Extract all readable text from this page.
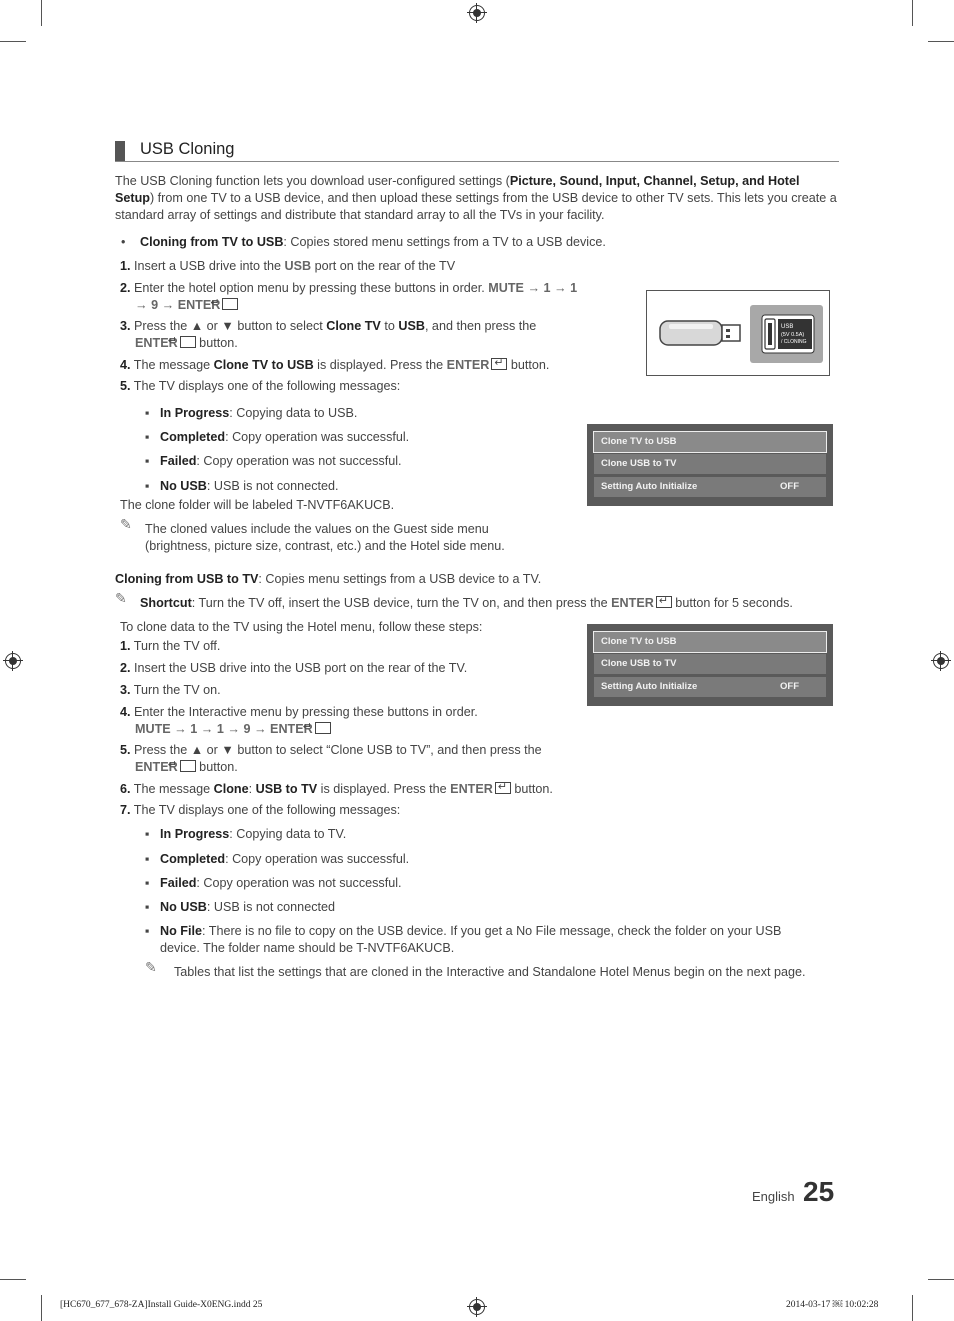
USB Cloning
The USB Cloning function lets you download user-configured settings (Picture, Sound, Input, Channel, Setup, and Hotel Setup) from one TV to a USB device, and then upload these settings from the USB device to other TV sets. This lets you create a standard array of settings and distribute that standard array to all the TVs in your facility.
• Cloning from TV to USB: Copies stored menu settings from a TV to a USB device.
1. Insert a USB drive into the USB port on the rear of the TV
2. Enter the hotel option menu by pressing these buttons in order. MUTE → 1 → 1 → 9 → ENTER↵
3. Press the ▲ or ▼ button to select Clone TV to USB, and then press the
ENTER↵ button.
4. The message Clone TV to USB is displayed. Press the ENTER↵ button.
5. The TV displays one of the following messages:
▪ In Progress: Copying data to USB.
▪ Completed: Copy operation was successful.
▪ Failed: Copy operation was not successful.
▪ No USB: USB is not connected.
The clone folder will be labeled T-NVTF6AKUCB.
✎ The cloned values include the values on the Guest side menu (brightness, picture size, contrast, etc.) and the Hotel side menu.
USB
(5V 0.5A)
/ CLONING
Clone TV to USB
Clone USB to TV
Setting Auto Initialize	OFF
Cloning from USB to TV: Copies menu settings from a USB device to a TV.
✎ Shortcut: Turn the TV off, insert the USB device, turn the TV on, and then press the ENTER↵ button for 5 seconds.
To clone data to the TV using the Hotel menu, follow these steps:
1. Turn the TV off.
2. Insert the USB drive into the USB port on the rear of the TV.
3. Turn the TV on.
4. Enter the Interactive menu by pressing these buttons in order.
MUTE → 1 → 1 → 9 → ENTER↵
5. Press the ▲ or ▼ button to select “Clone USB to TV”, and then press the
ENTER↵ button.
6. The message Clone: USB to TV is displayed. Press the ENTER↵ button.
7. The TV displays one of the following messages:
▪ In Progress: Copying data to TV.
▪ Completed: Copy operation was successful.
▪ Failed: Copy operation was not successful.
▪ No USB: USB is not connected
▪ No File: There is no file to copy on the USB device. If you get a No File message, check the folder on your USB device. The folder name should be T-NVTF6AKUCB.
✎ Tables that list the settings that are cloned in the Interactive and Standalone Hotel Menus begin on the next page.
Clone TV to USB
Clone USB to TV
Setting Auto Initialize	OFF
English 25
[HC670_677_678-ZA]Install Guide-X0ENG.indd 25	2014-03-17 ￼ 10:02:28
